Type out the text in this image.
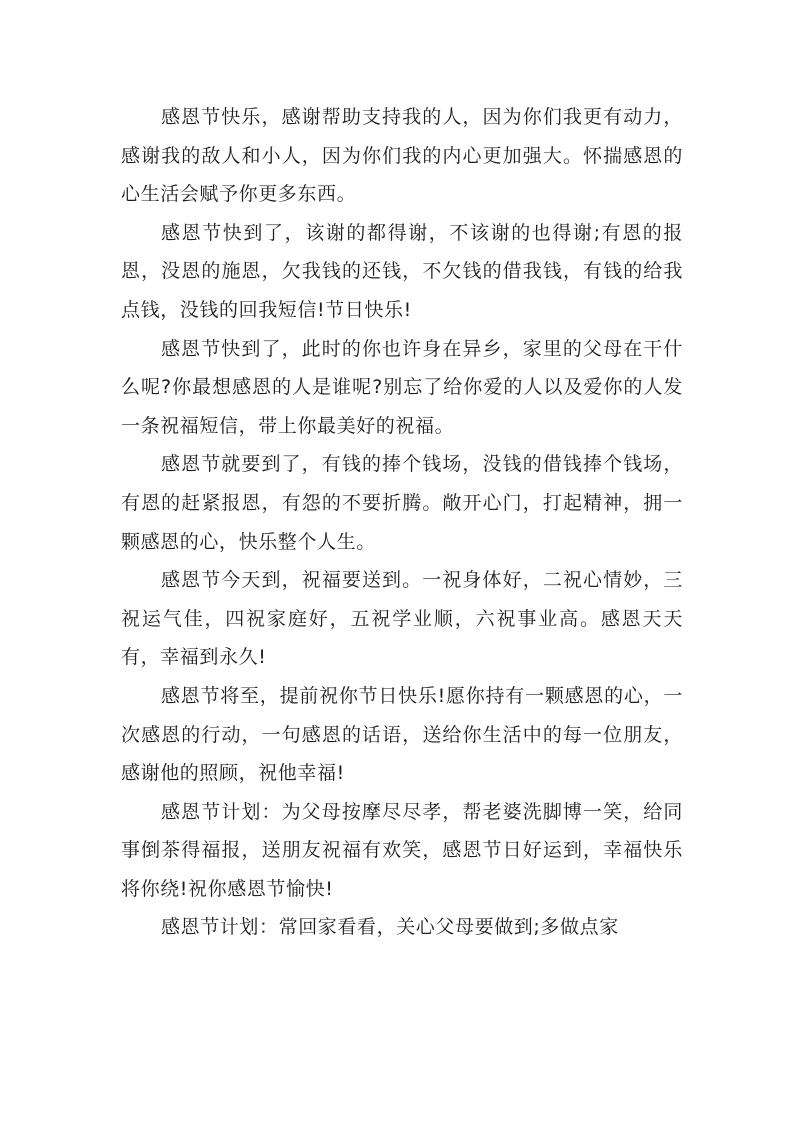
感恩节快乐，感谢帮助支持我的人，因为你们我更有动力，感谢我的敌人和小人，因为你们我的内心更加强大。怀揣感恩的心生活会赋予你更多东西。

感恩节快到了，该谢的都得谢，不该谢的也得谢;有恩的报恩，没恩的施恩，欠我钱的还钱，不欠钱的借我钱，有钱的给我点钱，没钱的回我短信!节日快乐!

感恩节快到了，此时的你也许身在异乡，家里的父母在干什么呢?你最想感恩的人是谁呢?别忘了给你爱的人以及爱你的人发一条祝福短信，带上你最美好的祝福。

感恩节就要到了，有钱的捧个钱场，没钱的借钱捧个钱场，有恩的赶紧报恩，有怨的不要折腾。敞开心门，打起精神，拥一颗感恩的心，快乐整个人生。

感恩节今天到，祝福要送到。一祝身体好，二祝心情妙，三祝运气佳，四祝家庭好，五祝学业顺，六祝事业高。感恩天天有，幸福到永久!

感恩节将至，提前祝你节日快乐!愿你持有一颗感恩的心，一次感恩的行动，一句感恩的话语，送给你生活中的每一位朋友，感谢他的照顾，祝他幸福!

感恩节计划：为父母按摩尽尽孝，帮老婆洗脚博一笑，给同事倒茶得福报，送朋友祝福有欢笑，感恩节日好运到，幸福快乐将你绕!祝你感恩节愉快!

感恩节计划：常回家看看，关心父母要做到;多做点家
